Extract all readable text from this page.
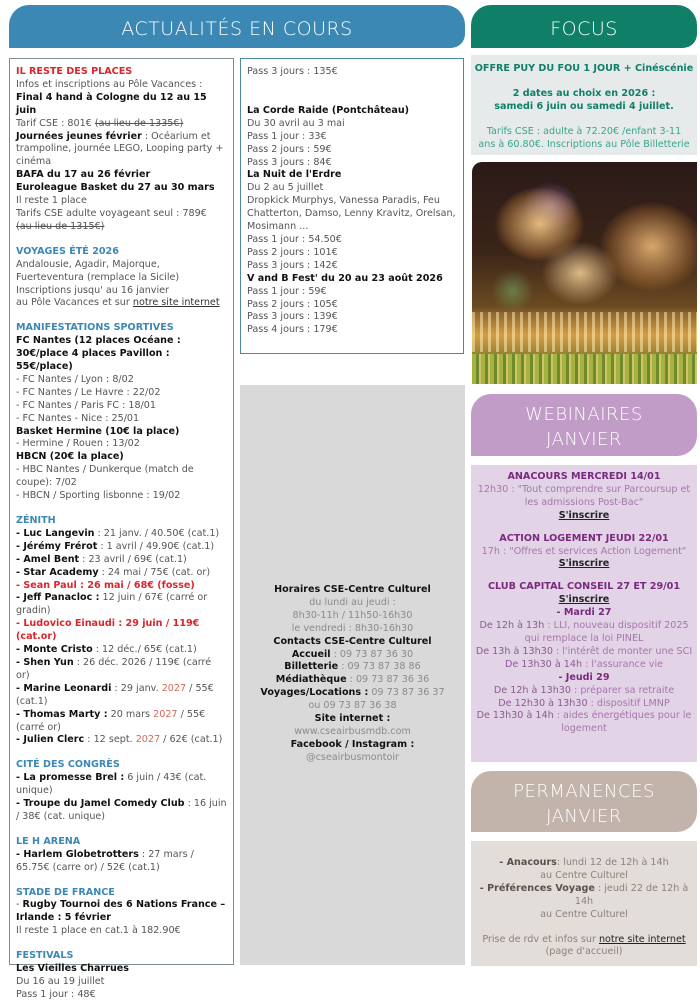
ACTUALITÉS EN COURS	FOCUS
WEBINAIRES
JANVIER
PERMANENCES
JANVIER
IL RESTE DES PLACES
Infos et inscriptions au Pôle Vacances :
Final 4 hand à Cologne du 12 au 15 juin
Tarif CSE : 801€ (au lieu de 1335€)
Journées jeunes février : Océarium et trampoline, journée LEGO, Looping party + cinéma
BAFA du 17 au 26 février
Euroleague Basket du 27 au 30 mars
Il reste 1 place
Tarifs CSE adulte voyageant seul : 789€
(au lieu de 1315€)
VOYAGES ÉTÉ 2026
Andalousie, Agadir, Majorque, Fuerteventura (remplace la Sicile)
Inscriptions jusqu' au 16 janvier
au Pôle Vacances et sur notre site internet
MANIFESTATIONS SPORTIVES
FC Nantes (12 places Océane : 30€/place 4 places Pavillon : 55€/place)
- FC Nantes / Lyon : 8/02
- FC Nantes / Le Havre : 22/02
- FC Nantes / Paris FC : 18/01
- FC Nantes - Nice : 25/01
Basket Hermine (10€ la place)
- Hermine / Rouen : 13/02
HBCN (20€ la place)
- HBC Nantes / Dunkerque (match de coupe): 7/02
- HBCN / Sporting lisbonne : 19/02
ZÉNITH
- Luc Langevin : 21 janv. / 40.50€ (cat.1)
- Jérémy Frérot : 1 avril / 49.90€ (cat.1)
- Amel Bent : 23 avril / 69€ (cat.1)
- Star Academy : 24 mai / 75€ (cat. or)
- Sean Paul : 26 mai / 68€ (fosse)
- Jeff Panacloc : 12 juin / 67€ (carré or gradin)
- Ludovico Einaudi : 29 juin / 119€ (cat.or)
- Monte Cristo : 12 déc./ 65€ (cat.1)
- Shen Yun : 26 déc. 2026 / 119€ (carré or)
- Marine Leonardi : 29 janv. 2027 / 55€ (cat.1)
- Thomas Marty : 20 mars 2027 / 55€ (carré or)
- Julien Clerc : 12 sept. 2027 / 62€ (cat.1)
CITÉ DES CONGRÈS
- La promesse Brel : 6 juin / 43€ (cat. unique)
- Troupe du Jamel Comedy Club : 16 juin / 38€ (cat. unique)
LE H ARENA
- Harlem Globetrotters : 27 mars / 65.75€ (carre or) / 52€ (cat.1)
STADE DE FRANCE
- Rugby Tournoi des 6 Nations France – Irlande : 5 février
Il reste 1 place en cat.1 à 182.90€
FESTIVALS
Les Vieilles Charrues
Du 16 au 19 juillet
Pass 1 jour : 48€
Pass 3 jours : 135€
La Corde Raide (Pontchâteau)
Du 30 avril au 3 mai
Pass 1 jour : 33€
Pass 2 jours : 59€
Pass 3 jours : 84€
La Nuit de l'Erdre
Du 2 au 5 juillet
Dropkick Murphys, Vanessa Paradis, Feu Chatterton, Damso, Lenny Kravitz, Orelsan, Mosimann ...
Pass 1 jour : 54.50€
Pass 2 jours : 101€
Pass 3 jours : 142€
V and B Fest' du 20 au 23 août 2026
Pass 1 jour : 59€
Pass 2 jours : 105€
Pass 3 jours : 139€
Pass 4 jours : 179€
Horaires CSE-Centre Culturel
du lundi au jeudi :
8h30-11h / 11h50-16h30
le vendredi : 8h30-16h30
Contacts CSE-Centre Culturel
Accueil : 09 73 87 36 30
Billetterie : 09 73 87 38 86
Médiathèque : 09 73 87 36 36
Voyages/Locations : 09 73 87 36 37
ou 09 73 87 36 38
Site internet :
www.cseairbusmdb.com
Facebook / Instagram :
@cseairbusmontoir
OFFRE PUY DU FOU 1 JOUR + Cinéscénie
2 dates au choix en 2026 :
samedi 6 juin ou samedi 4 juillet.
Tarifs CSE : adulte à 72.20€ /enfant 3-11 ans à 60.80€. Inscriptions au Pôle Billetterie
ANACOURS MERCREDI 14/01
12h30 : "Tout comprendre sur Parcoursup et les admissions Post-Bac"
S'inscrire
ACTION LOGEMENT JEUDI 22/01
17h : "Offres et services Action Logement"
S'inscrire
CLUB CAPITAL CONSEIL 27 ET 29/01
S'inscrire
- Mardi 27
De 12h à 13h : LLI, nouveau dispositif 2025 qui remplace la loi PINEL
De 13h à 13h30 : l'intérêt de monter une SCI
De 13h30 à 14h : l'assurance vie
- Jeudi 29
De 12h à 13h30 : préparer sa retraite
De 12h30 à 13h30 : dispositif LMNP
De 13h30 à 14h : aides énergétiques pour le logement
- Anacours: lundi 12 de 12h à 14h
au Centre Culturel
- Préférences Voyage : jeudi 22 de 12h à 14h
au Centre Culturel
Prise de rdv et infos sur notre site internet
(page d'accueil)
